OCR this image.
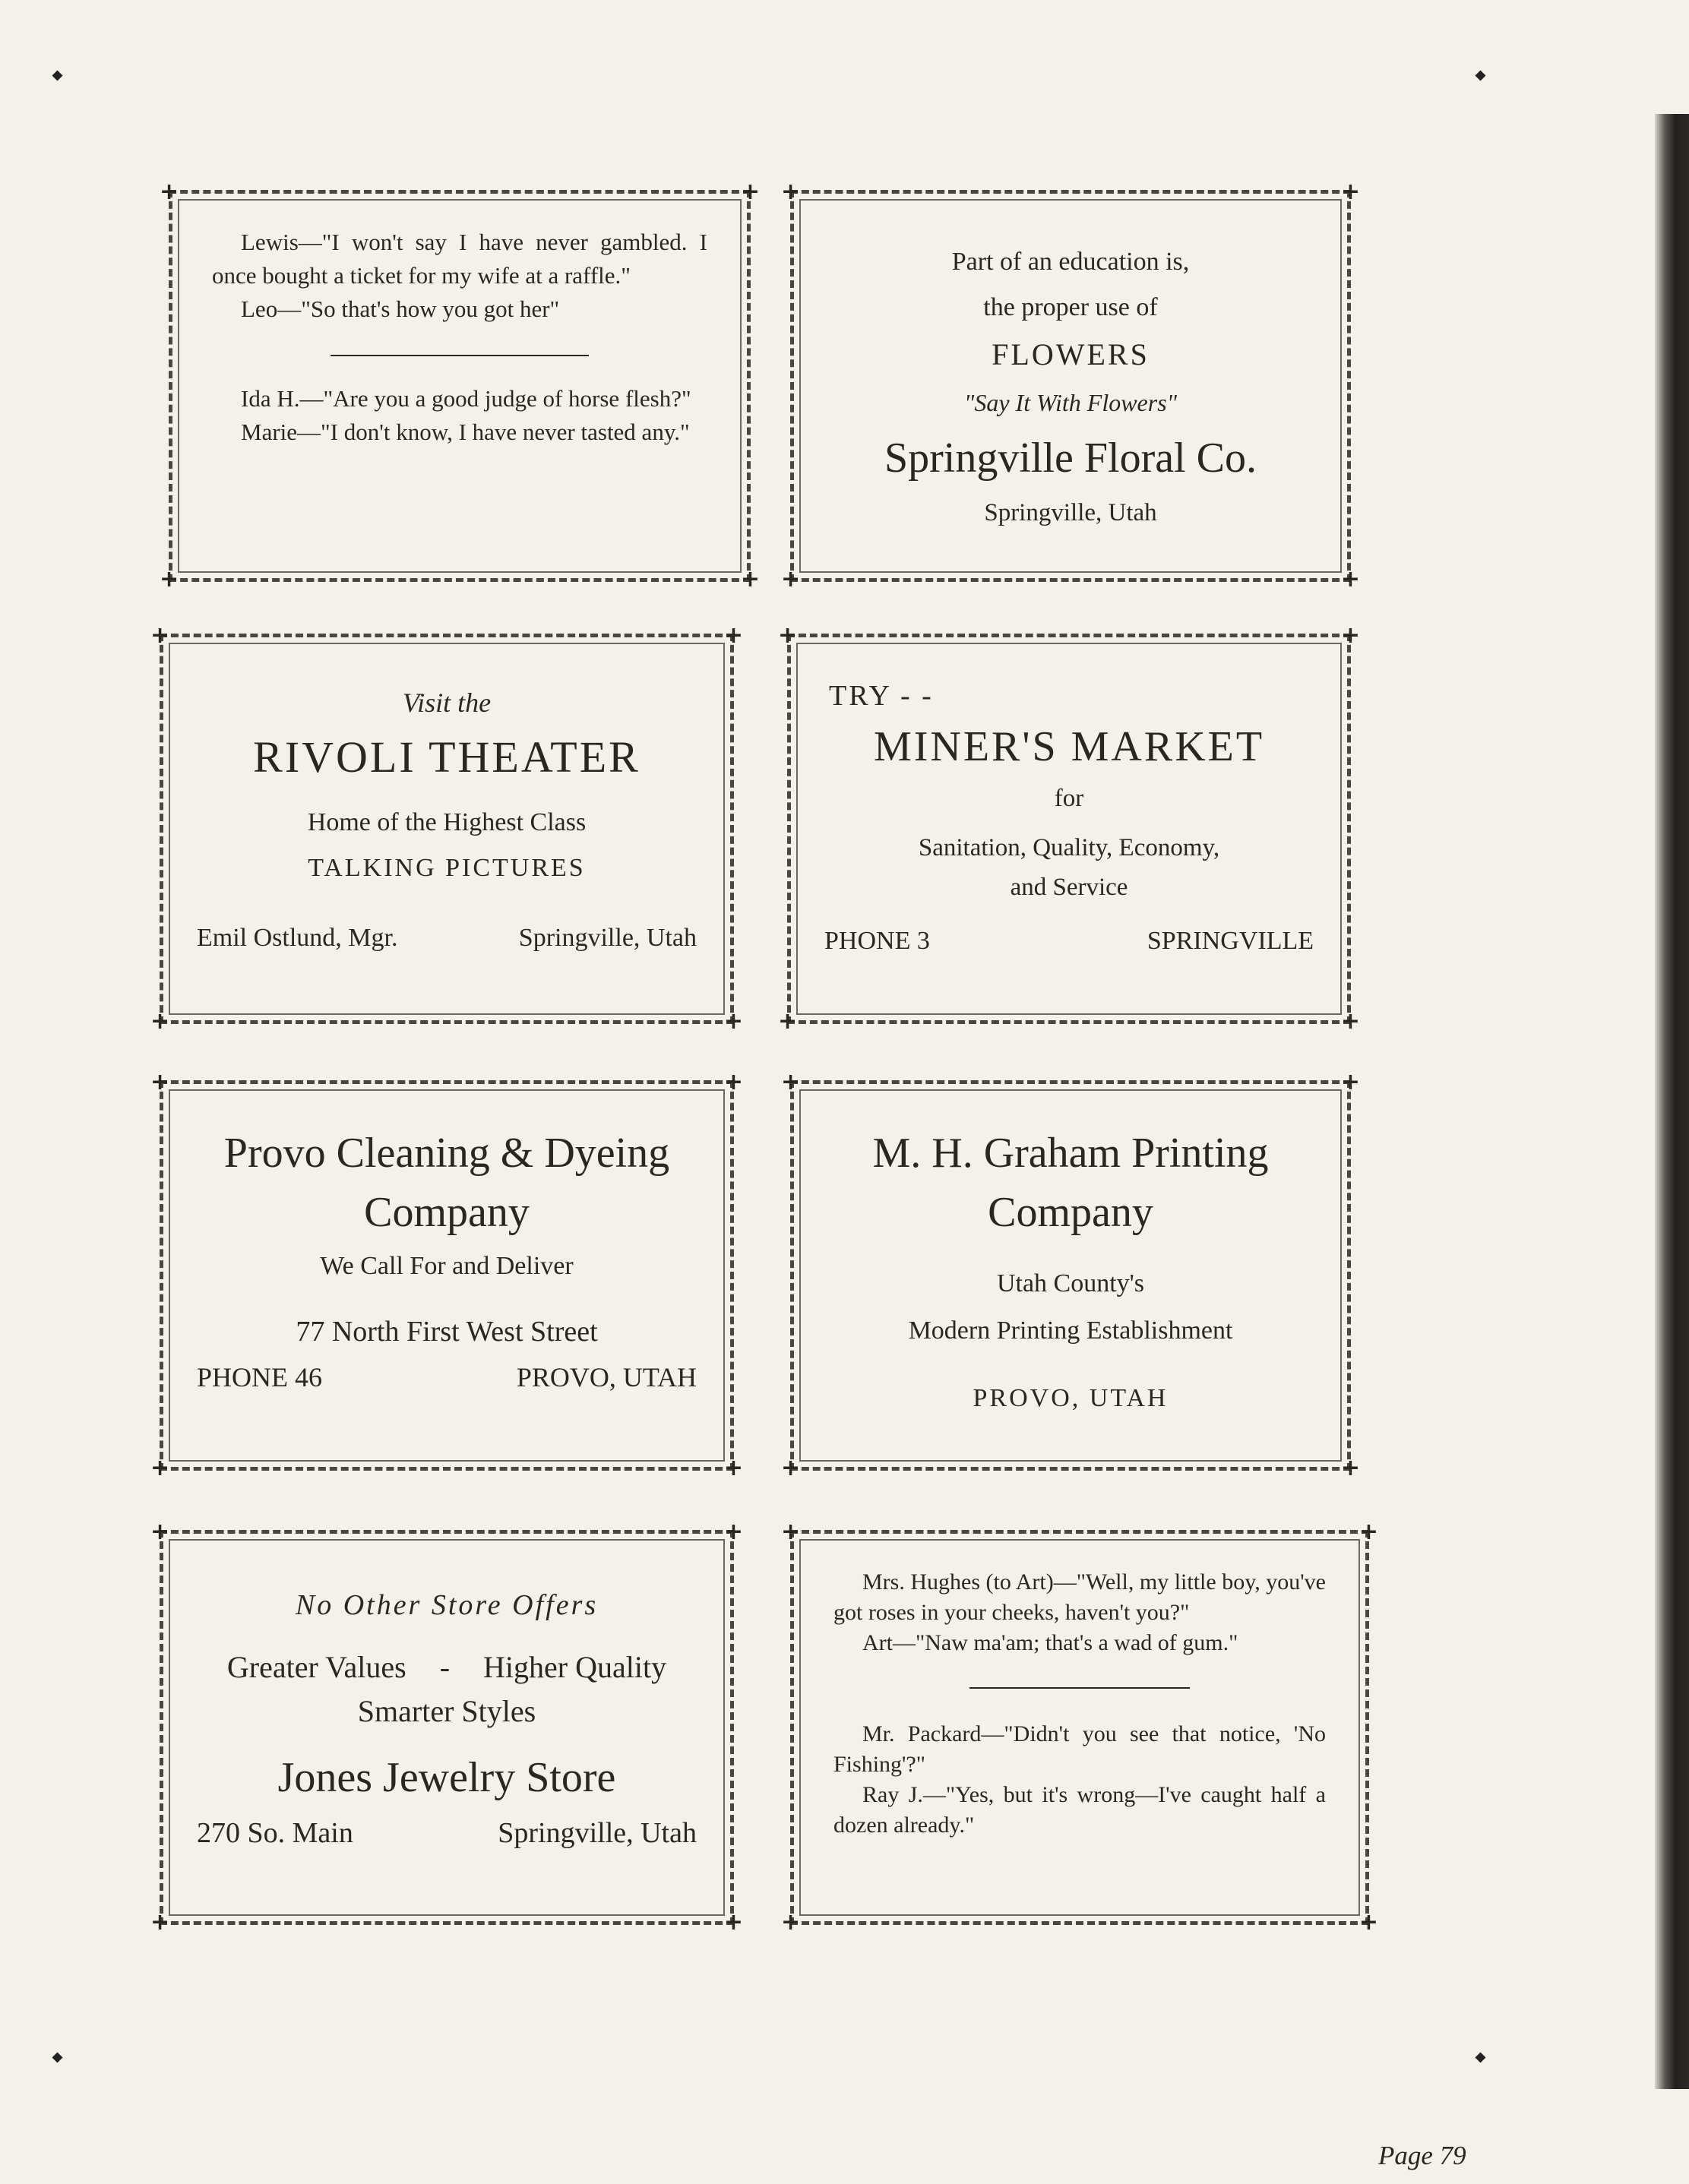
+ +
+

Lewis—"I won't say I have never gambled. I once bought a ticket for my wife at a raffle."

Leo—"So that's how you got her"

Ida H.—"Are you a good judge of horse flesh?"

Marie—"I don't know, I have never tasted any."

+
+ +
+
Part of an education is,
the proper use of
FLOWERS
"Say It With Flowers"
Springville Floral Co.
Springville, Utah
+
+ +
+
Visit the
RIVOLI THEATER
Home of the Highest Class
TALKING PICTURES
Emil Ostlund, Mgr.	Springville, Utah
+
+ +
+
TRY - -
MINER'S MARKET
for
Sanitation, Quality, Economy,
and Service
PHONE 3	SPRINGVILLE
+
+ +
+
Provo Cleaning & Dyeing
Company
We Call For and Deliver
77 North First West Street
PHONE 46	PROVO, UTAH
+
+ +
+
M. H. Graham Printing
Company
Utah County's
Modern Printing Establishment
PROVO, UTAH
+
+ +
+
No Other Store Offers
Greater Values - Higher Quality
Smarter Styles
Jones Jewelry Store
270 So. Main	Springville, Utah
+
+ +
+

Mrs. Hughes (to Art)—"Well, my little boy, you've got roses in your cheeks, haven't you?"

Art—"Naw ma'am; that's a wad of gum."

Mr. Packard—"Didn't you see that notice, 'No Fishing'?"

Ray J.—"Yes, but it's wrong—I've caught half a dozen already."

+
Page 79
